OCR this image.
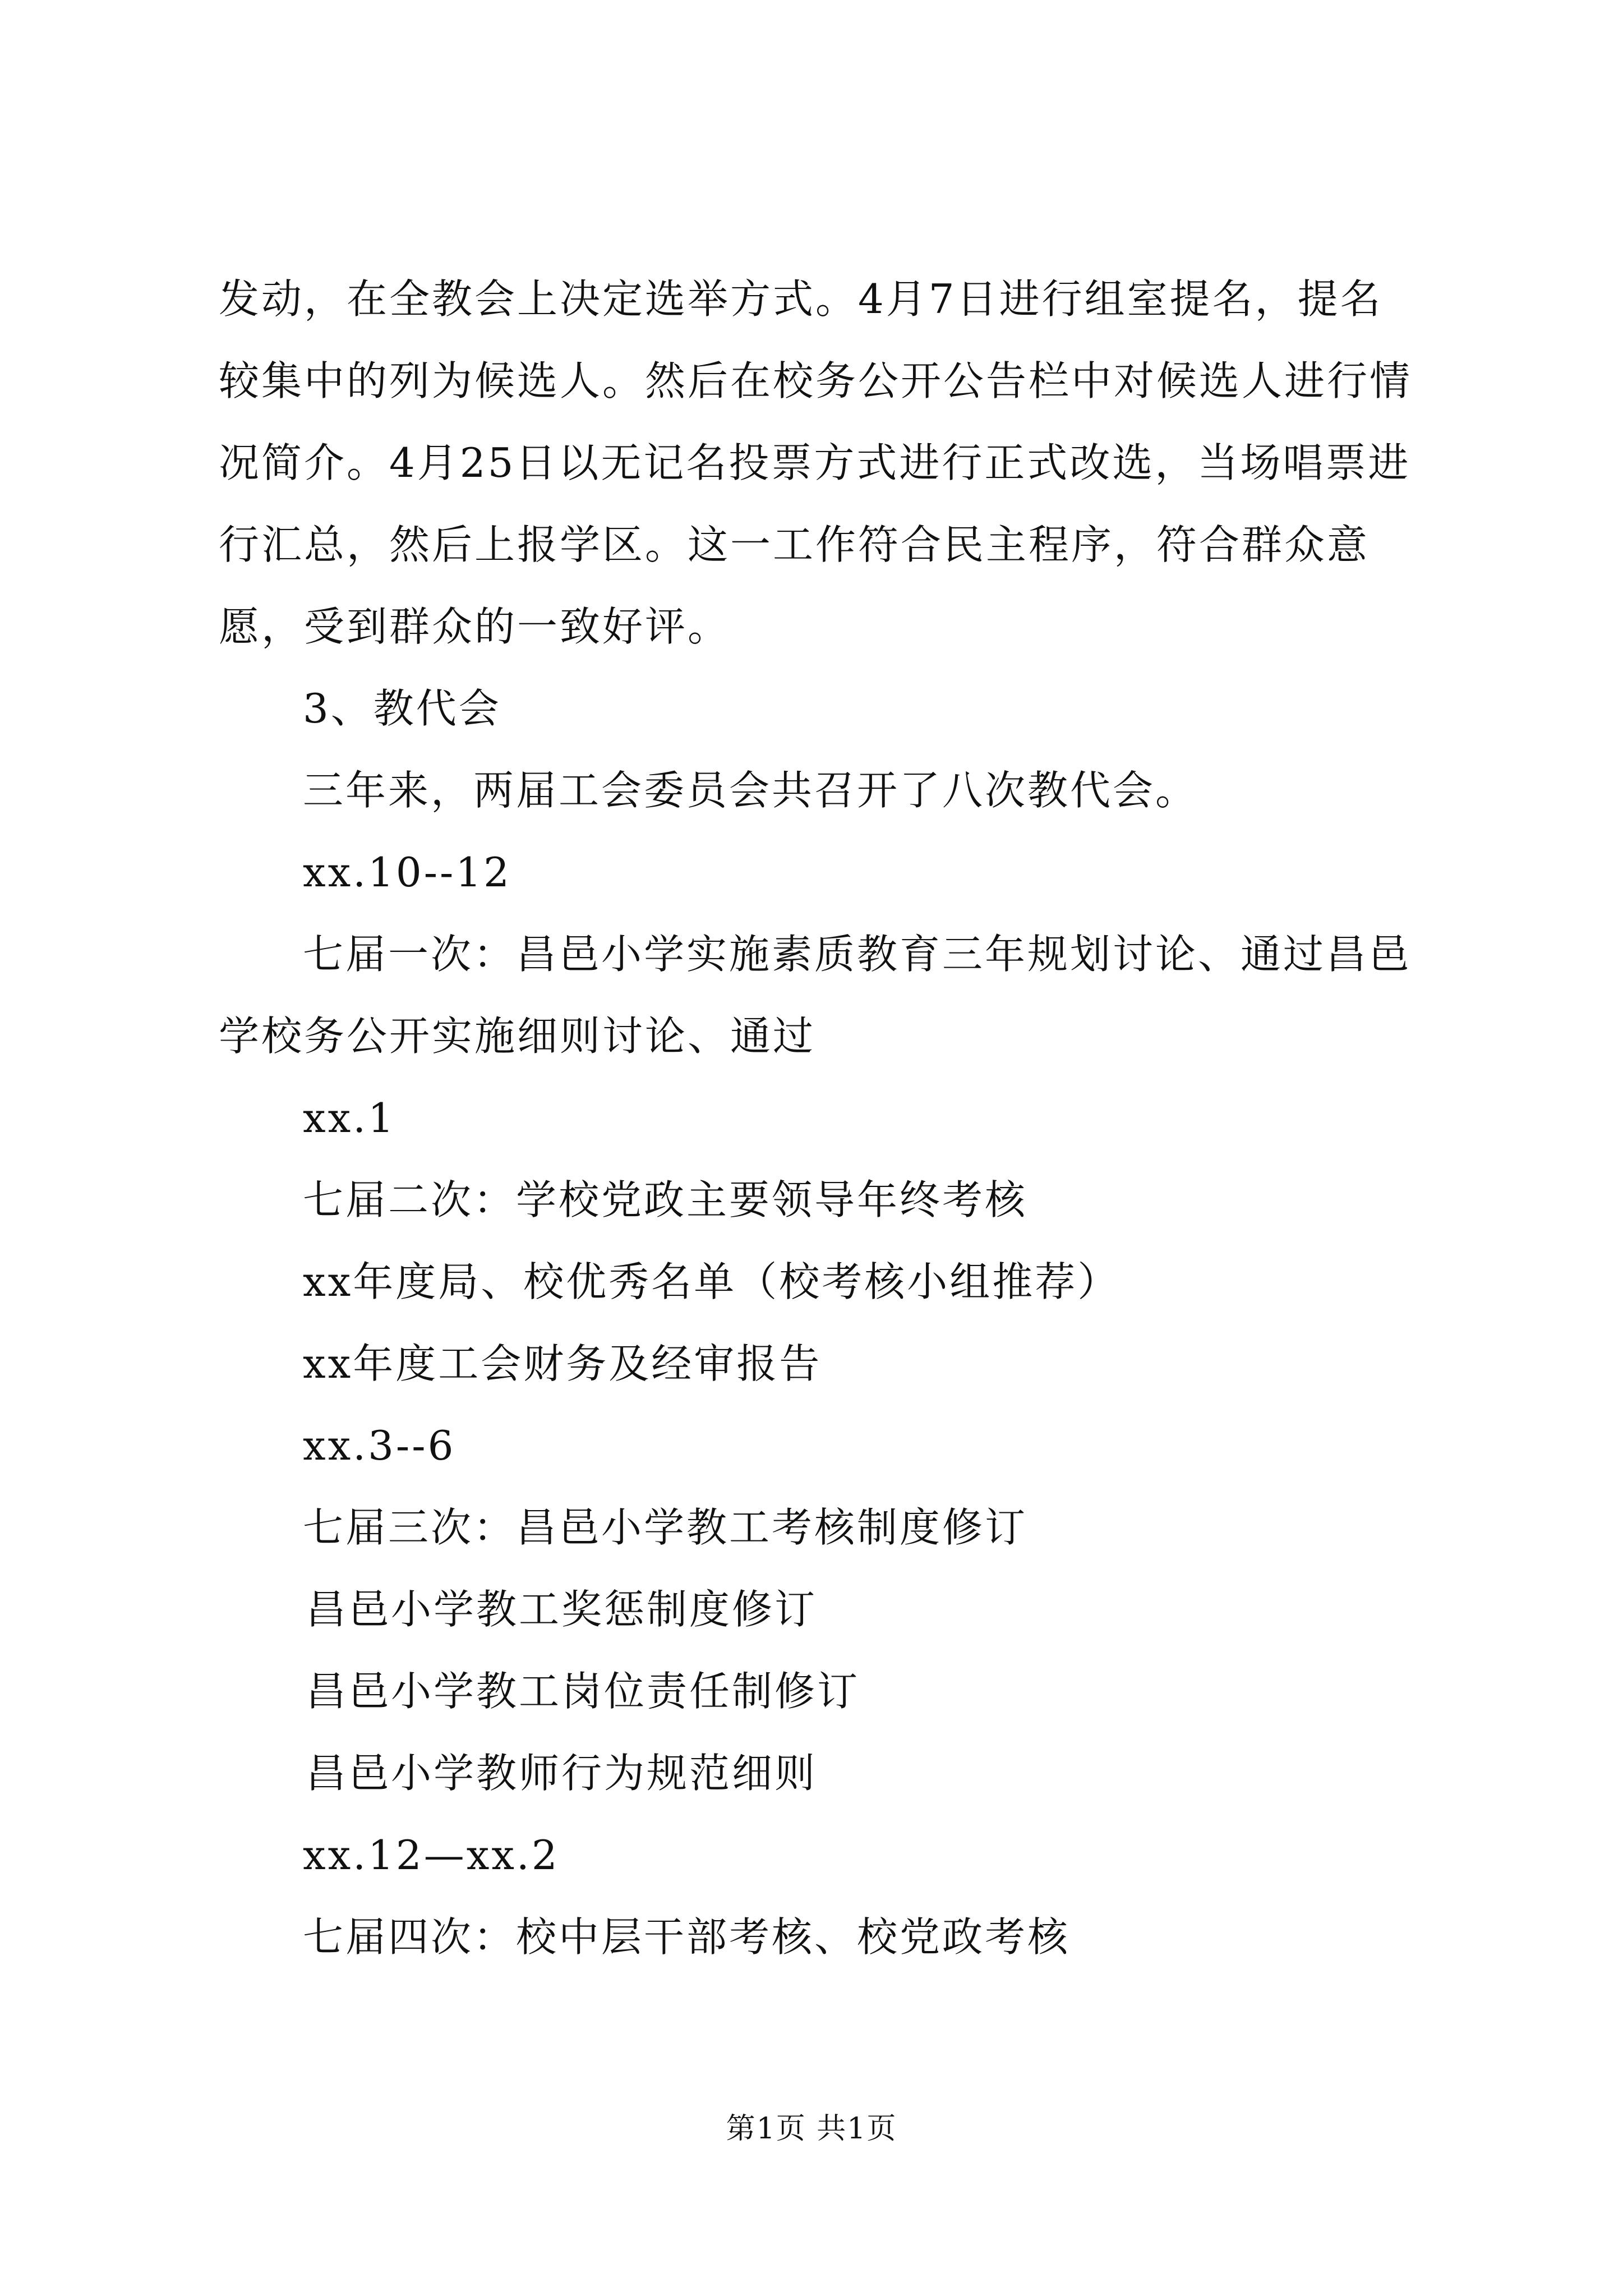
发动，在全教会上决定选举方式。4月7日进行组室提名，提名较集中的列为候选人。然后在校务公开公告栏中对候选人进行情况简介。4月25日以无记名投票方式进行正式改选，当场唱票进行汇总，然后上报学区。这一工作符合民主程序，符合群众意愿，受到群众的一致好评。

3、教代会

三年来，两届工会委员会共召开了八次教代会。

xx.10--12

七届一次：昌邑小学实施素质教育三年规划讨论、通过昌邑学校务公开实施细则讨论、通过

xx.1

七届二次：学校党政主要领导年终考核

xx年度局、校优秀名单（校考核小组推荐）

xx年度工会财务及经审报告

xx.3--6

七届三次：昌邑小学教工考核制度修订

昌邑小学教工奖惩制度修订

昌邑小学教工岗位责任制修订

昌邑小学教师行为规范细则

xx.12—xx.2

七届四次：校中层干部考核、校党政考核

第1页 共1页
